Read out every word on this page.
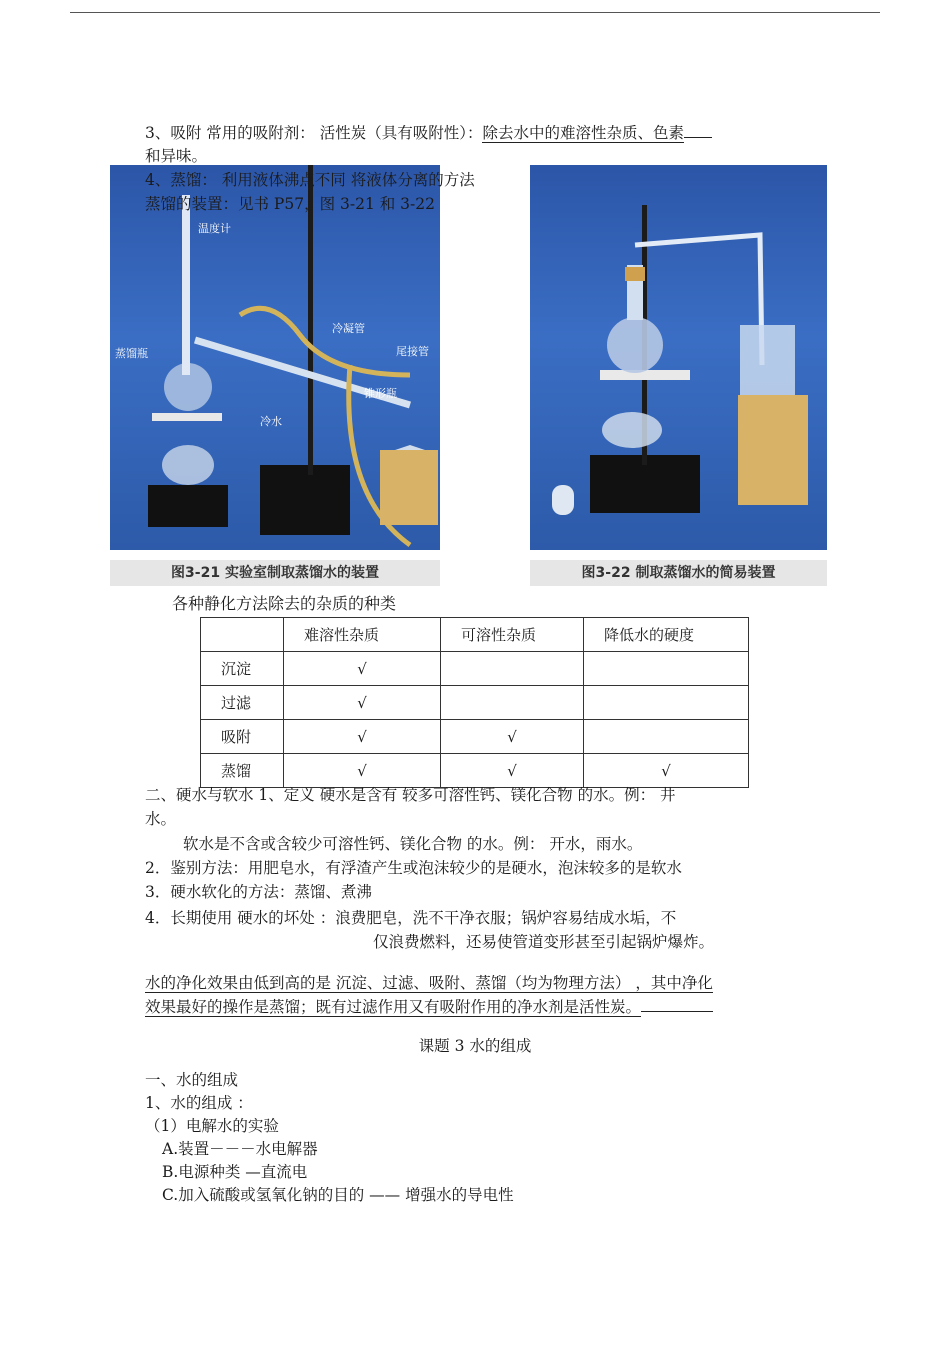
3、吸附 常用的吸附剂： 活性炭（具有吸附性）：除去水中的难溶性杂质、色素
和异味。
温度计
蒸馏瓶
冷凝管
尾接管
冷水
锥形瓶
图3-21 实验室制取蒸馏水的装置	图3-22 制取蒸馏水的简易装置
4、蒸馏： 利用液体沸点不同 将液体分离的方法
蒸馏的装置：见书 P57，图 3-21 和 3-22
各种静化方法除去的杂质的种类
	难溶性杂质	可溶性杂质	降低水的硬度
沉淀	√		
过滤	√		
吸附	√	√	
蒸馏	√	√	√
二、硬水与软水 1、定义 硬水是含有 较多可溶性钙、镁化合物 的水。例： 井
水。
软水是不含或含较少可溶性钙、镁化合物 的水。例： 开水，雨水。
2．鉴别方法：用肥皂水，有浮渣产生或泡沫较少的是硬水，泡沫较多的是软水
3．硬水软化的方法：蒸馏、煮沸
4．长期使用 硬水的坏处 ：浪费肥皂，洗不干净衣服；锅炉容易结成水垢，不
仅浪费燃料，还易使管道变形甚至引起锅炉爆炸。
水的净化效果由低到高的是 沉淀、过滤、吸附、蒸馏（均为物理方法） ，其中净化
效果最好的操作是蒸馏；既有过滤作用又有吸附作用的净水剂是活性炭。
课题 3 水的组成
一、水的组成
1、水的组成 ：
（1）电解水的实验
A.装置－－－水电解器
B.电源种类 —直流电
C.加入硫酸或氢氧化钠的目的 —— 增强水的导电性
